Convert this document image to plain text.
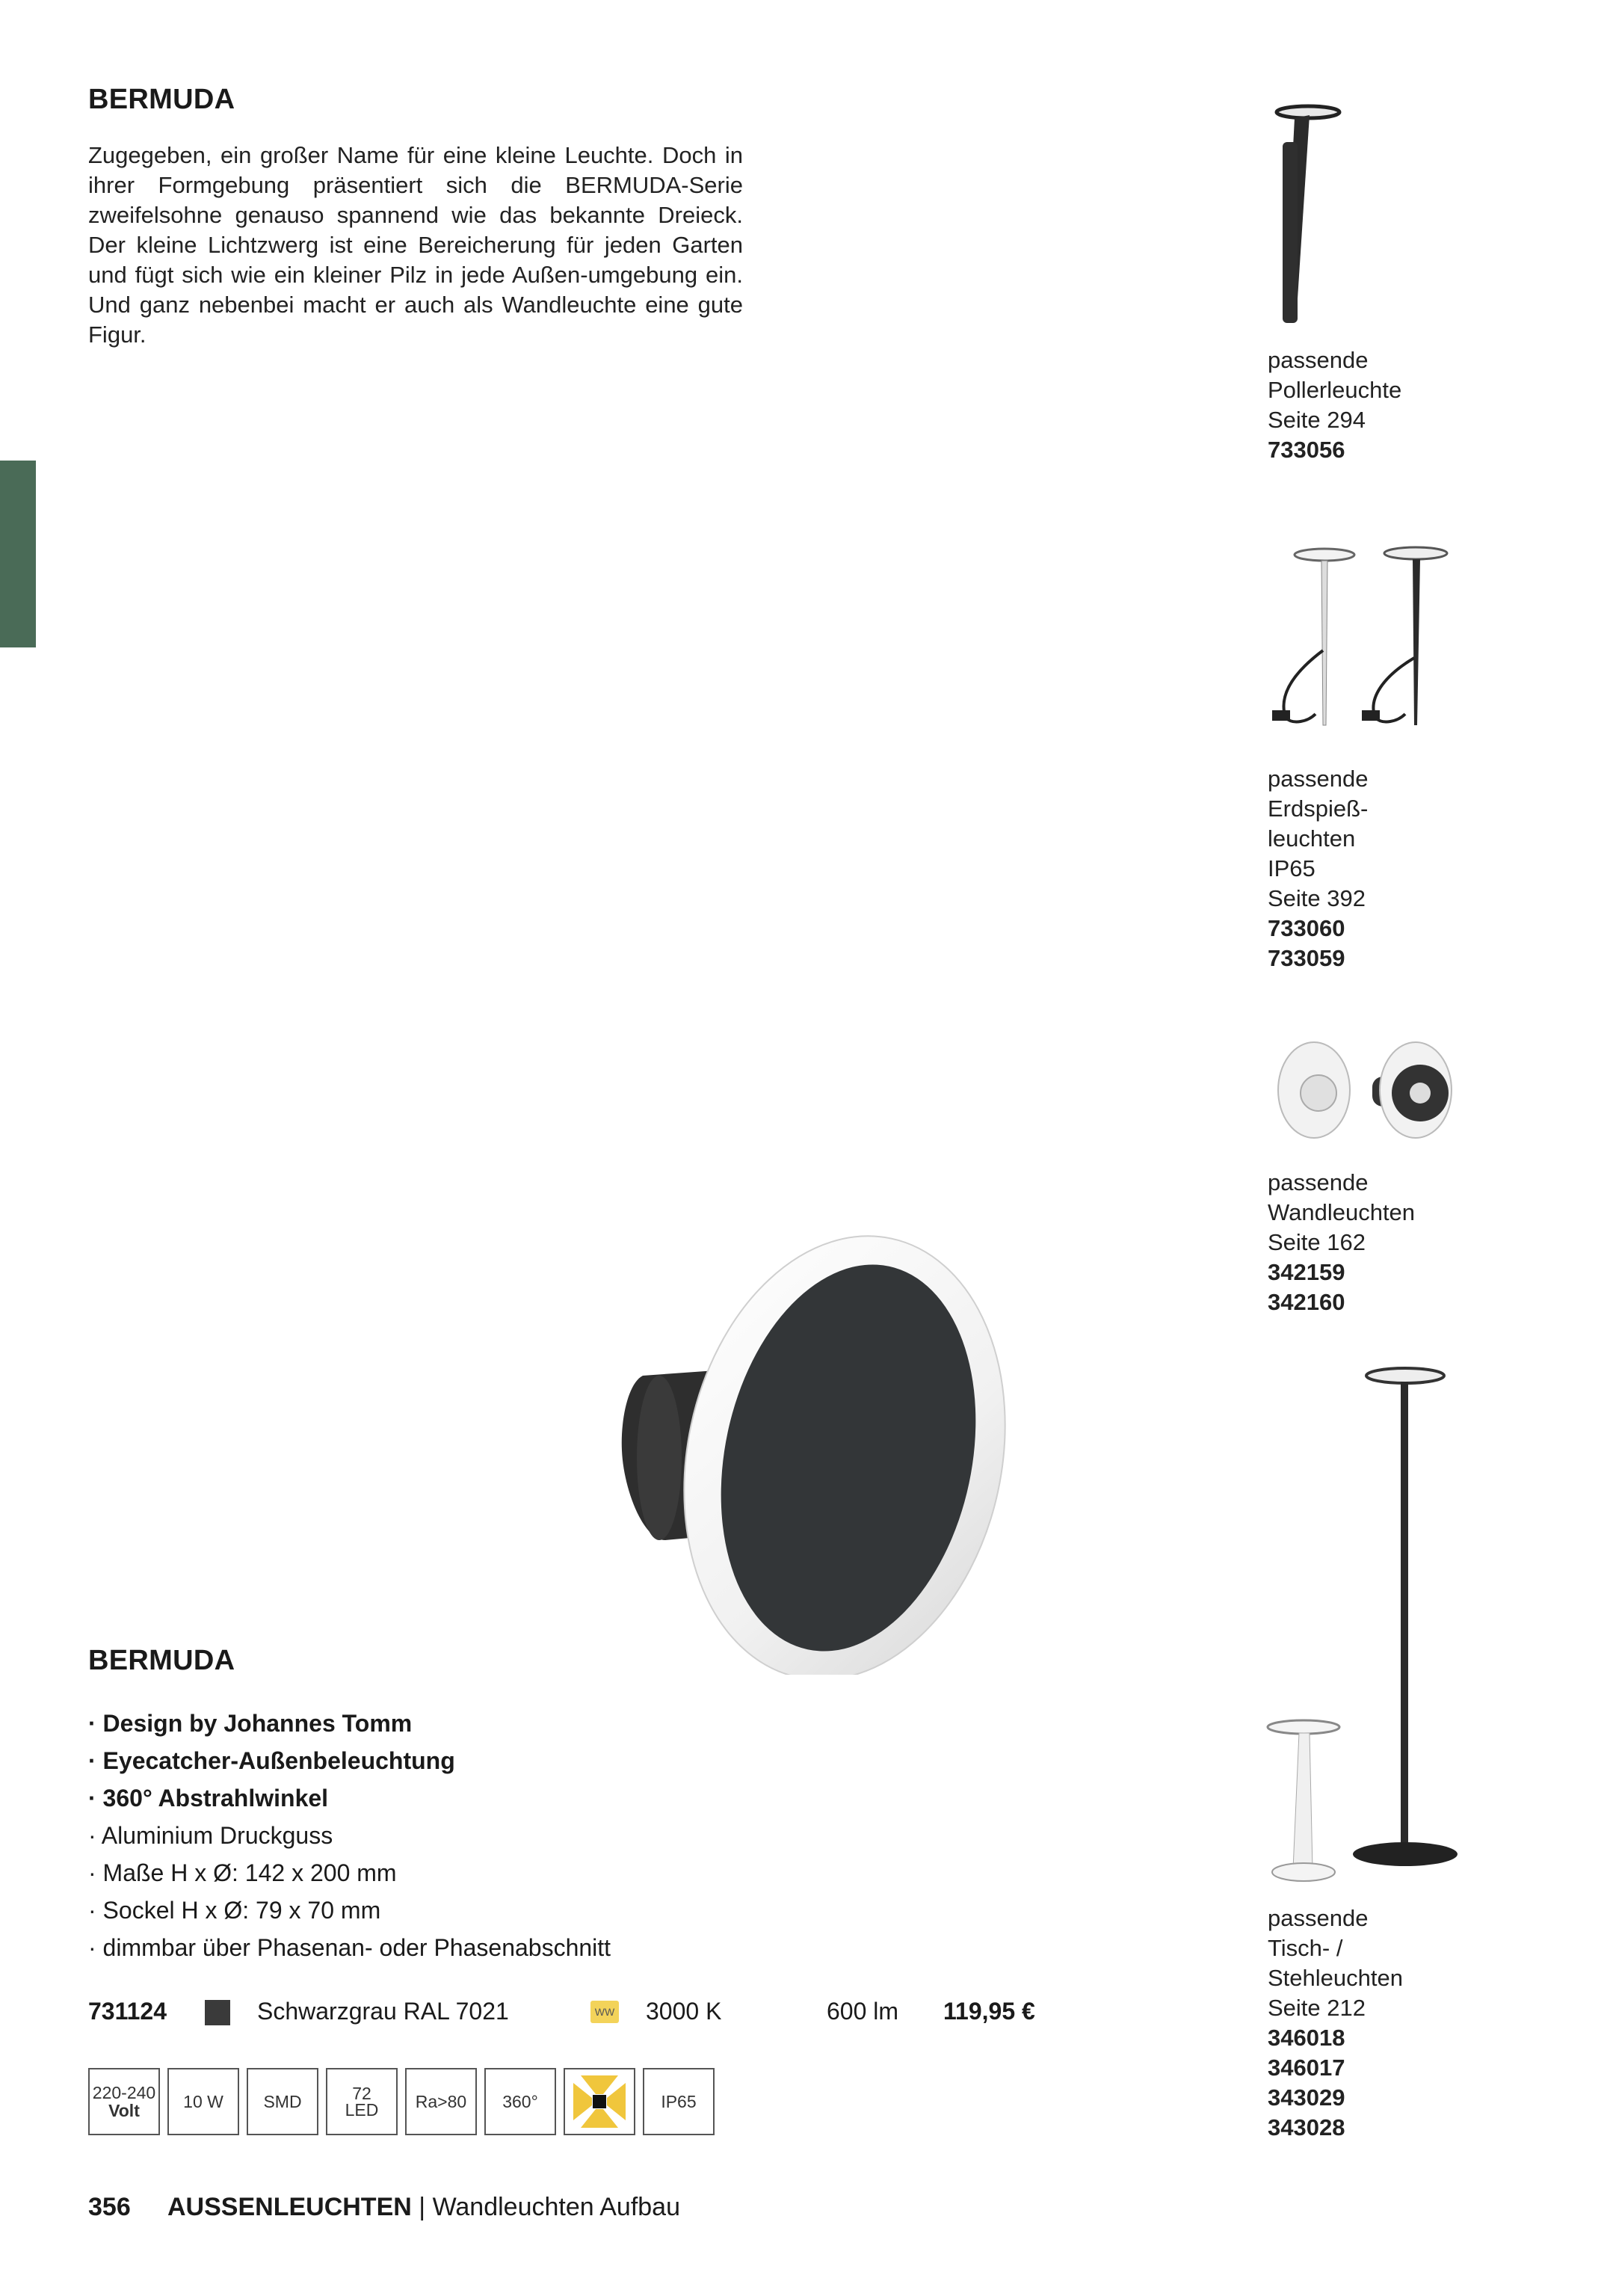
BERMUDA
Zugegeben, ein großer Name für eine kleine Leuchte. Doch in ihrer Formgebung präsentiert sich die BERMUDA-Serie zweifelsohne genauso spannend wie das bekannte Dreieck. Der kleine Lichtzwerg ist eine Bereicherung für jeden Garten und fügt sich wie ein kleiner Pilz in jede Außen-umgebung ein. Und ganz nebenbei macht er auch als Wandleuchte eine gute Figur.
passende
Pollerleuchte
Seite 294
733056
passende
Erdspieß-
leuchten
IP65
Seite 392
733060
733059
passende
Wandleuchten
Seite 162
342159
342160
passende
Tisch- /
Stehleuchten
Seite 212
346018
346017
343029
343028
BERMUDA
· Design by Johannes Tomm
· Eyecatcher-Außenbeleuchtung
· 360° Abstrahlwinkel
· Aluminium Druckguss
· Maße H x Ø: 142 x 200 mm
· Sockel H x Ø: 79 x 70 mm
· dimmbar über Phasenan- oder Phasenabschnitt
731124	Schwarzgrau RAL 7021	WW 3000 K	600 lm 119,95 €
220-240
Volt	10 W SMD	72
LED Ra>80 360°	IP65
356 AUSSENLEUCHTEN | Wandleuchten Aufbau
